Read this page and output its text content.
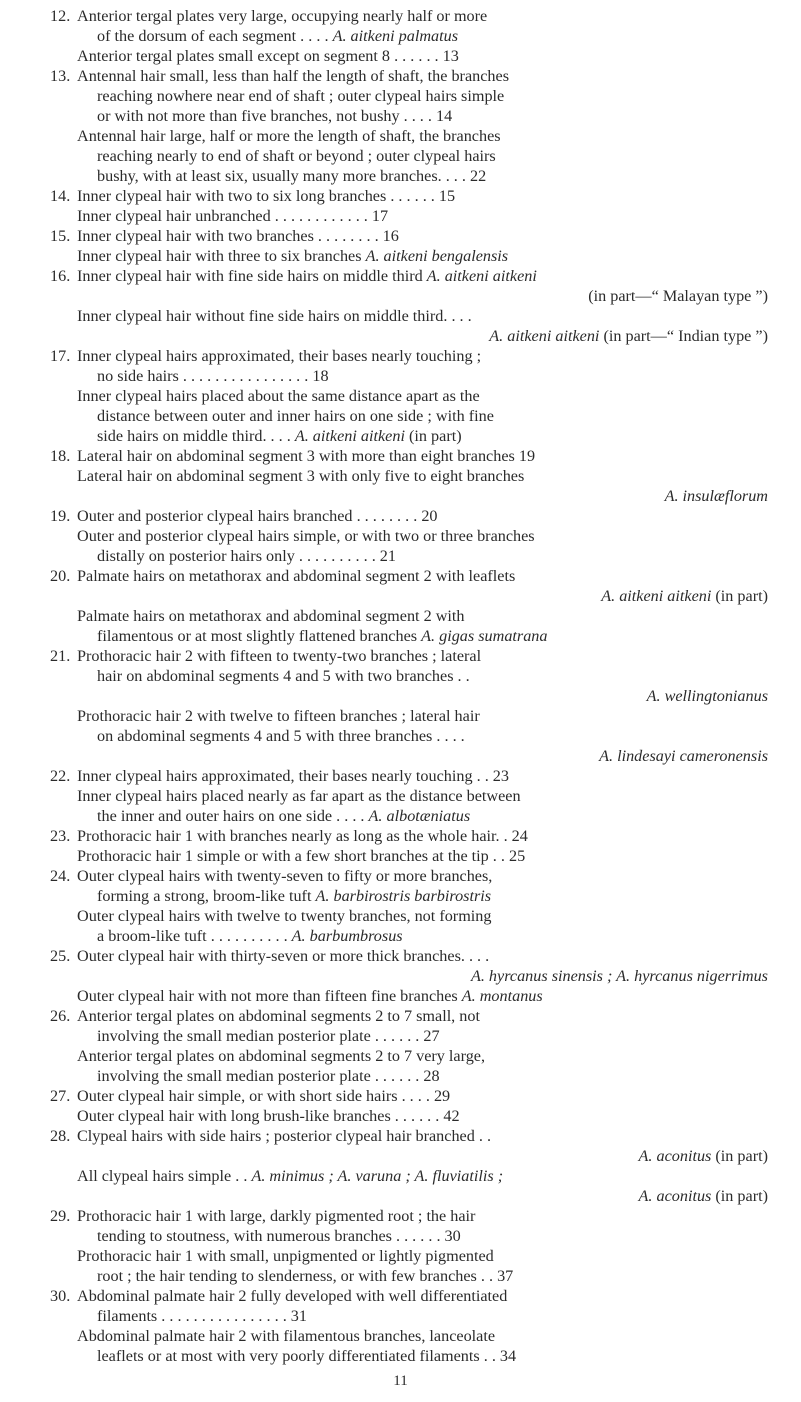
12. Anterior tergal plates very large, occupying nearly half or more
of the dorsum of each segment . . . . A. aitkeni palmatus
Anterior tergal plates small except on segment 8 . . . . . . 13
13. Antennal hair small, less than half the length of shaft, the branches
reaching nowhere near end of shaft ; outer clypeal hairs simple
or with not more than five branches, not bushy . . . . 14
Antennal hair large, half or more the length of shaft, the branches
reaching nearly to end of shaft or beyond ; outer clypeal hairs
bushy, with at least six, usually many more branches. . . . 22
14. Inner clypeal hair with two to six long branches . . . . . . 15
Inner clypeal hair unbranched . . . . . . . . . . . . 17
15. Inner clypeal hair with two branches . . . . . . . . 16
Inner clypeal hair with three to six branches A. aitkeni bengalensis
16. Inner clypeal hair with fine side hairs on middle third A. aitkeni aitkeni
(in part—“ Malayan type ”)
Inner clypeal hair without fine side hairs on middle third. . . .
A. aitkeni aitkeni (in part—“ Indian type ”)
17. Inner clypeal hairs approximated, their bases nearly touching ;
no side hairs . . . . . . . . . . . . . . . . 18
Inner clypeal hairs placed about the same distance apart as the
distance between outer and inner hairs on one side ; with fine
side hairs on middle third. . . . A. aitkeni aitkeni (in part)
18. Lateral hair on abdominal segment 3 with more than eight branches 19
Lateral hair on abdominal segment 3 with only five to eight branches
A. insulæflorum
19. Outer and posterior clypeal hairs branched . . . . . . . . 20
Outer and posterior clypeal hairs simple, or with two or three branches
distally on posterior hairs only . . . . . . . . . . 21
20. Palmate hairs on metathorax and abdominal segment 2 with leaflets
A. aitkeni aitkeni (in part)
Palmate hairs on metathorax and abdominal segment 2 with
filamentous or at most slightly flattened branches A. gigas sumatrana
21. Prothoracic hair 2 with fifteen to twenty-two branches ; lateral
hair on abdominal segments 4 and 5 with two branches . .
A. wellingtonianus
Prothoracic hair 2 with twelve to fifteen branches ; lateral hair
on abdominal segments 4 and 5 with three branches . . . .
A. lindesayi cameronensis
22. Inner clypeal hairs approximated, their bases nearly touching . . 23
Inner clypeal hairs placed nearly as far apart as the distance between
the inner and outer hairs on one side . . . . A. albotæniatus
23. Prothoracic hair 1 with branches nearly as long as the whole hair. . 24
Prothoracic hair 1 simple or with a few short branches at the tip . . 25
24. Outer clypeal hairs with twenty-seven to fifty or more branches,
forming a strong, broom-like tuft A. barbirostris barbirostris
Outer clypeal hairs with twelve to twenty branches, not forming
a broom-like tuft . . . . . . . . . . A. barbumbrosus
25. Outer clypeal hair with thirty-seven or more thick branches. . . .
A. hyrcanus sinensis ; A. hyrcanus nigerrimus
Outer clypeal hair with not more than fifteen fine branches A. montanus
26. Anterior tergal plates on abdominal segments 2 to 7 small, not
involving the small median posterior plate . . . . . . 27
Anterior tergal plates on abdominal segments 2 to 7 very large,
involving the small median posterior plate . . . . . . 28
27. Outer clypeal hair simple, or with short side hairs . . . . 29
Outer clypeal hair with long brush-like branches . . . . . . 42
28. Clypeal hairs with side hairs ; posterior clypeal hair branched . .
A. aconitus (in part)
All clypeal hairs simple . . A. minimus ; A. varuna ; A. fluviatilis ;
A. aconitus (in part)
29. Prothoracic hair 1 with large, darkly pigmented root ; the hair
tending to stoutness, with numerous branches . . . . . . 30
Prothoracic hair 1 with small, unpigmented or lightly pigmented
root ; the hair tending to slenderness, or with few branches . . 37
30. Abdominal palmate hair 2 fully developed with well differentiated
filaments . . . . . . . . . . . . . . . . 31
Abdominal palmate hair 2 with filamentous branches, lanceolate
leaflets or at most with very poorly differentiated filaments . . 34
11
